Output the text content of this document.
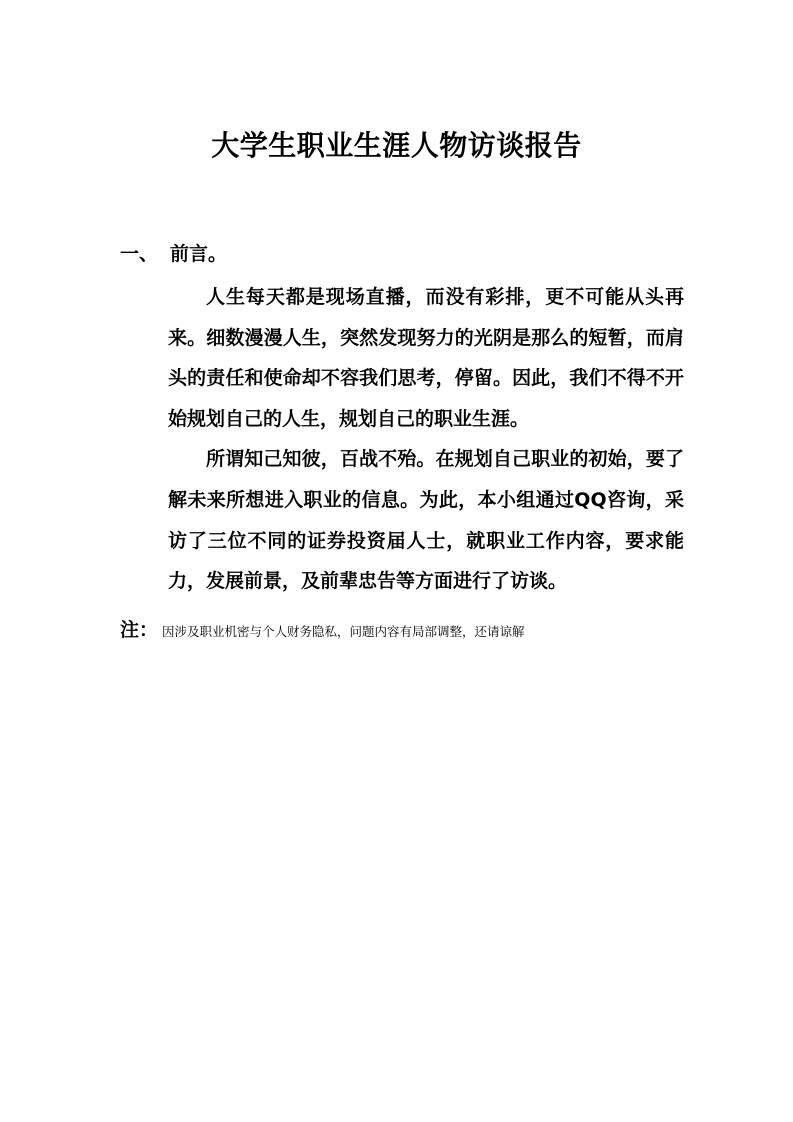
大学生职业生涯人物访谈报告
一、 前言。

人生每天都是现场直播，而没有彩排，更不可能从头再来。细数漫漫人生，突然发现努力的光阴是那么的短暂，而肩头的责任和使命却不容我们思考，停留。因此，我们不得不开始规划自己的人生，规划自己的职业生涯。

所谓知己知彼，百战不殆。在规划自己职业的初始，要了解未来所想进入职业的信息。为此，本小组通过QQ咨询，采访了三位不同的证券投资届人士，就职业工作内容，要求能力，发展前景，及前辈忠告等方面进行了访谈。

注： 因涉及职业机密与个人财务隐私，问题内容有局部调整，还请谅解
